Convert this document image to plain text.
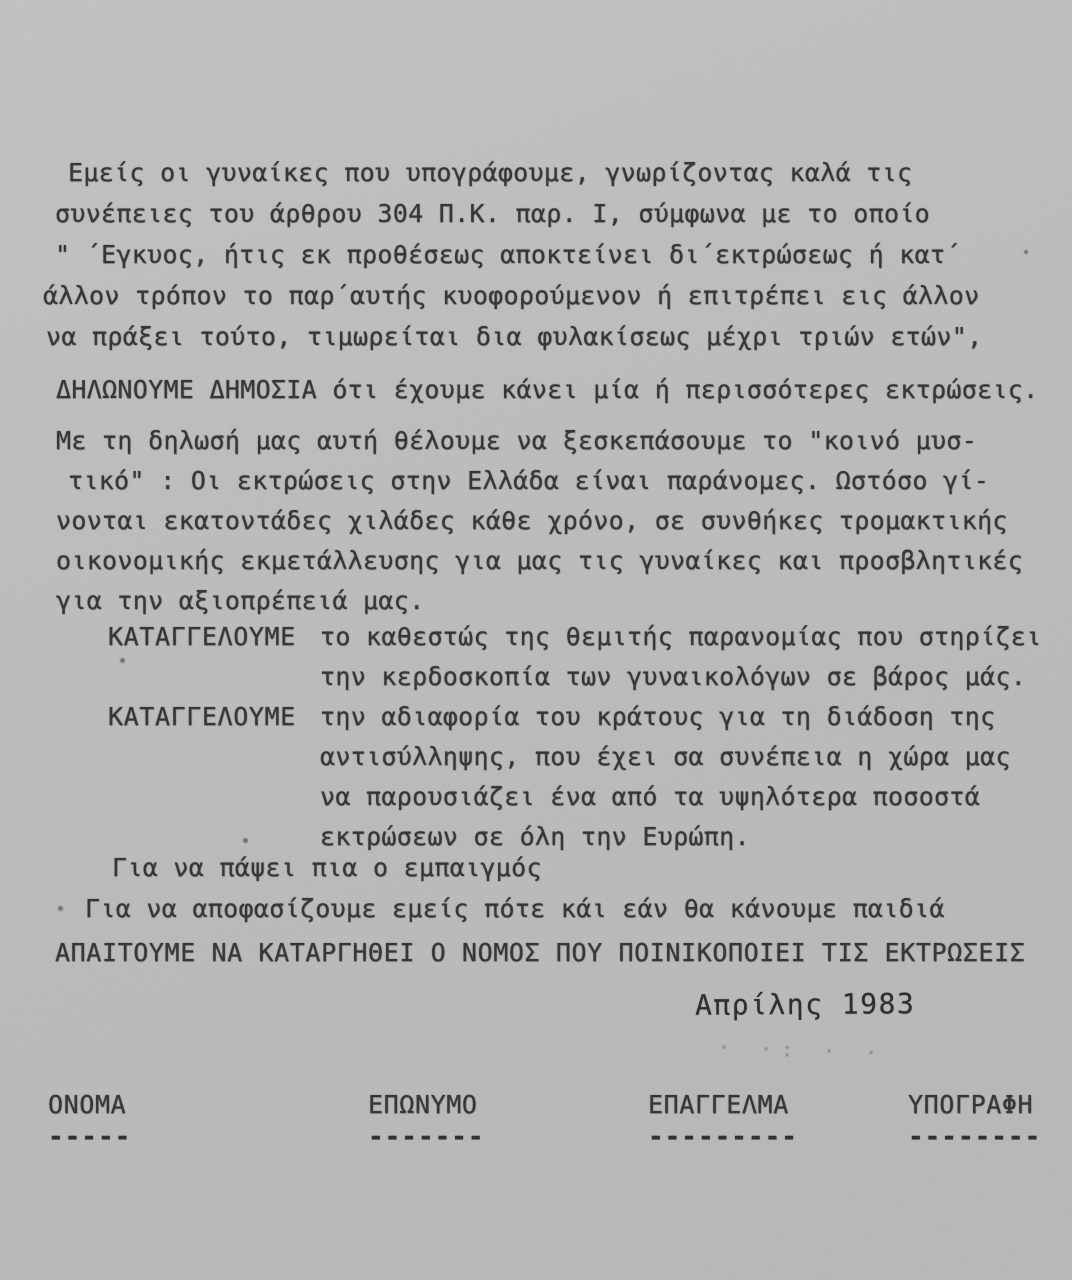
Εμείς οι γυναίκες που υπογράφουμε, γνωρίζοντας καλά τις
συνέπειες του άρθρου 304 Π.Κ. παρ. Ι, σύμφωνα με το οποίο
" ΄Εγκυος, ήτις εκ προθέσεως αποκτείνει δι΄εκτρώσεως ή κατ΄
άλλον τρόπον το παρ΄αυτής κυοφορούμενον ή επιτρέπει εις άλλον
να πράξει τούτο, τιμωρείται δια φυλακίσεως μέχρι τριών ετών",
ΔΗΛΩΝΟΥΜΕ ΔΗΜΟΣΙΑ ότι έχουμε κάνει μία ή περισσότερες εκτρώσεις.
Με τη δηλωσή μας αυτή θέλουμε να ξεσκεπάσουμε το "κοινό μυσ-
τικό" : Οι εκτρώσεις στην Ελλάδα είναι παράνομες. Ωστόσο γί-
νονται εκατοντάδες χιλάδες κάθε χρόνο, σε συνθήκες τρομακτικής
οικονομικής εκμετάλλευσης για μας τις γυναίκες και προσβλητικές
για την αξιοπρέπειά μας.
ΚΑΤΑΓΓΕΛΟΥΜΕ το καθεστώς της θεμιτής παρανομίας που στηρίζει
την κερδοσκοπία των γυναικολόγων σε βάρος μάς.
ΚΑΤΑΓΓΕΛΟΥΜΕ την αδιαφορία του κράτους για τη διάδοση της
αντισύλληψης, που έχει σα συνέπεια η χώρα μας
να παρουσιάζει ένα από τα υψηλότερα ποσοστά
εκτρώσεων σε όλη την Ευρώπη.
Για να πάψει πια ο εμπαιγμός
Για να αποφασίζουμε εμείς πότε κάι εάν θα κάνουμε παιδιά
ΑΠΑΙΤΟΥΜΕ ΝΑ ΚΑΤΑΡΓΗΘΕΙ Ο ΝΟΜΟΣ ΠΟΥ ΠΟΙΝΙΚΟΠΟΙΕΙ ΤΙΣ ΕΚΤΡΩΣΕΙΣ
Απρίλης 1983
· ·: · ·
ΟΝΟΜΑ	ΕΠΩΝΥΜΟ	ΕΠΑΓΓΕΛΜΑ	ΥΠΟΓΡΑΦΗ
-----	-------	---------	--------
